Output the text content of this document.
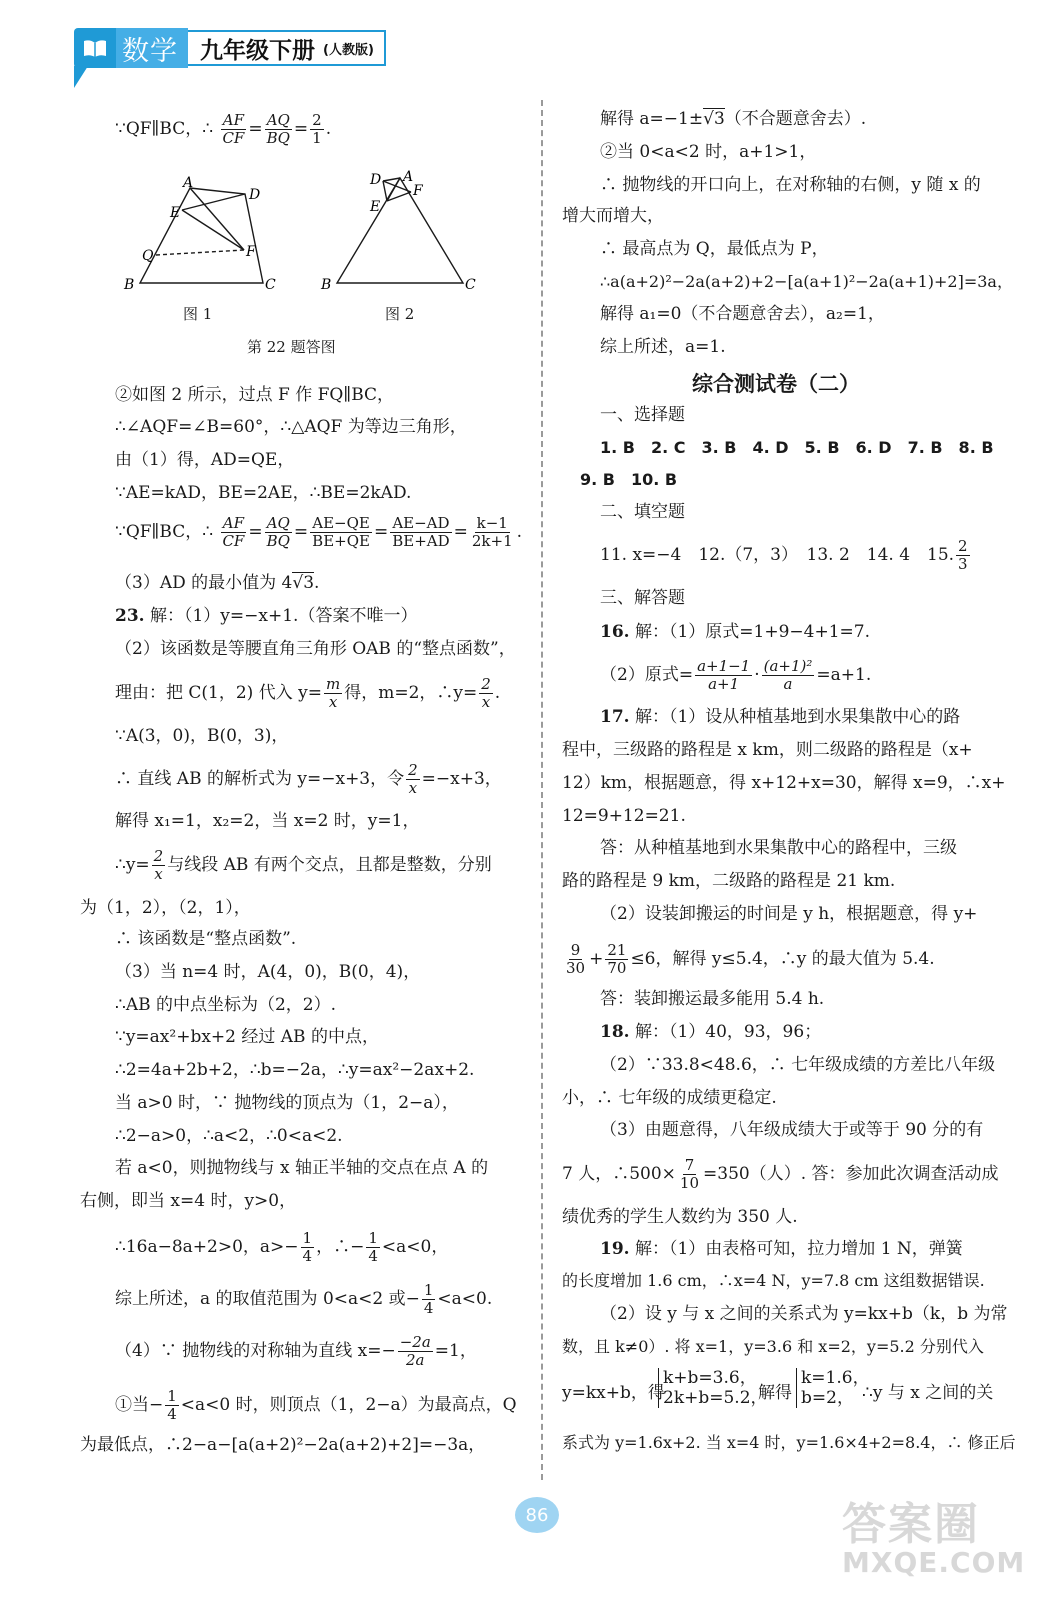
数学 九年级下册 (人教版)
∵QF∥BC，∴ $\frac{AF}{CF} = \frac{AQ}{BQ} = \frac{2}{1}$ .
A
D
E
Q	F
B	C
图 1
D A
F
E
B	C
图 2
第 22 题答图
②如图 2 所示，过点 F 作 FQ∥BC，
∴∠AQF=∠B=60°，∴△AQF 为等边三角形，
由（1）得，AD=QE，
∵AE=kAD，BE=2AE，∴BE=2kAD.
∵QF∥BC，∴ $\frac{AF}{CF} = \frac{AQ}{BQ} = \frac{AE-QE}{BE+QE} = \frac{AE-AD}{BE+AD} = \frac{k-1}{2k+1}$ .
（3）AD 的最小值为 4√3.
23. 解：（1）y=−x+1.（答案不唯一）
（2）该函数是等腰直角三角形 OAB 的“整点函数”，
理由：把 C(1，2) 代入 $y= \frac{m}{x}$ 得，m=2，∴y= $\frac{2}{x}$ .
∵A(3，0)，B(0，3)，
∴ 直线 AB 的解析式为 y=−x+3，令 $\frac{2}{x} =-x+3$，
解得 x₁=1，x₂=2，当 x=2 时，y=1，
∴y= $\frac{2}{x}$ 与线段 AB 有两个交点，且都是整数，分别
为（1，2），（2，1），
∴ 该函数是“整点函数”.
（3）当 n=4 时，A(4，0)，B(0，4)，
∴AB 的中点坐标为（2，2）.
∵y=ax²+bx+2 经过 AB 的中点，
∴2=4a+2b+2，∴b=−2a，∴y=ax²−2ax+2.
当 a>0 时，∵ 抛物线的顶点为（1，2−a），
∴2−a>0，∴a<2，∴0<a<2.
若 a<0，则抛物线与 x 轴正半轴的交点在点 A 的
右侧，即当 x=4 时，y>0，
∴16a−8a+2>0，$a>- \frac{1}{4}$ ，∴− $\frac{1}{4} <a<0$，
综上所述，a 的取值范围为 0<a<2 或− $\frac{1}{4} <a<0$.
（4）∵ 抛物线的对称轴为直线 $x=- \frac{-2a}{2a} =1$，
①当− $\frac{1}{4} <a<0$ 时，则顶点（1，2−a）为最高点，Q
为最低点，∴2−a−[a(a+2)²−2a(a+2)+2]=−3a，
解得 a=−1±√3（不合题意舍去）.
②当 0<a<2 时，a+1>1，
∴ 抛物线的开口向上，在对称轴的右侧，y 随 x 的
增大而增大，
∴ 最高点为 Q，最低点为 P，
∴a(a+2)²−2a(a+2)+2−[a(a+1)²−2a(a+1)+2]=3a，
解得 a₁=0（不合题意舍去），a₂=1，
综上所述，a=1.
综合测试卷（二）
一、选择题
1. B　2. C　3. B　4. D　5. B　6. D　7. B　8. B
9. B　10. B
二、填空题
11. x=−4　12.（7，3）　13. 2　14. 4　15. $\frac{2}{3}$
三、解答题
16. 解：（1）原式=1+9−4+1=7.
（2）原式= $\frac{a+1-1}{a+1} \cdot \frac{\text{(a+1)²}}{a} =a+1$.
17. 解：（1）设从种植基地到水果集散中心的路
程中，三级路的路程是 x km，则二级路的路程是（x+
12）km，根据题意，得 x+12+x=30，解得 x=9，∴x+
12=9+12=21.
答：从种植基地到水果集散中心的路程中，三级
路的路程是 9 km，二级路的路程是 21 km.
（2）设装卸搬运的时间是 y h，根据题意，得 y+
$\frac{9}{30} + \frac{21}{70} \le 6$，解得 y≤5.4，∴y 的最大值为 5.4.
答：装卸搬运最多能用 5.4 h.
18. 解：（1）40，93，96；
（2）∵33.8<48.6，∴ 七年级成绩的方差比八年级
小，∴ 七年级的成绩更稳定.
（3）由题意得，八年级成绩大于或等于 90 分的有
7 人，∴500× $\frac{7}{10} =350$（人）. 答：参加此次调查活动成
绩优秀的学生人数约为 350 人.
19. 解：（1）由表格可知，拉力增加 1 N，弹簧
的长度增加 1.6 cm，∴x=4 N，y=7.8 cm 这组数据错误.
（2）设 y 与 x 之间的关系式为 y=kx+b（k，b 为常
数，且 k≠0）. 将 x=1，y=3.6 和 x=2，y=5.2 分别代入
y=kx+b，得
k+b=3.6，
2k+b=5.2，
解得
k=1.6，
b=2， ∴y 与 x 之间的关
系式为 y=1.6x+2. 当 x=4 时，y=1.6×4+2=8.4，∴ 修正后
86	答案圈
MXQE.COM
